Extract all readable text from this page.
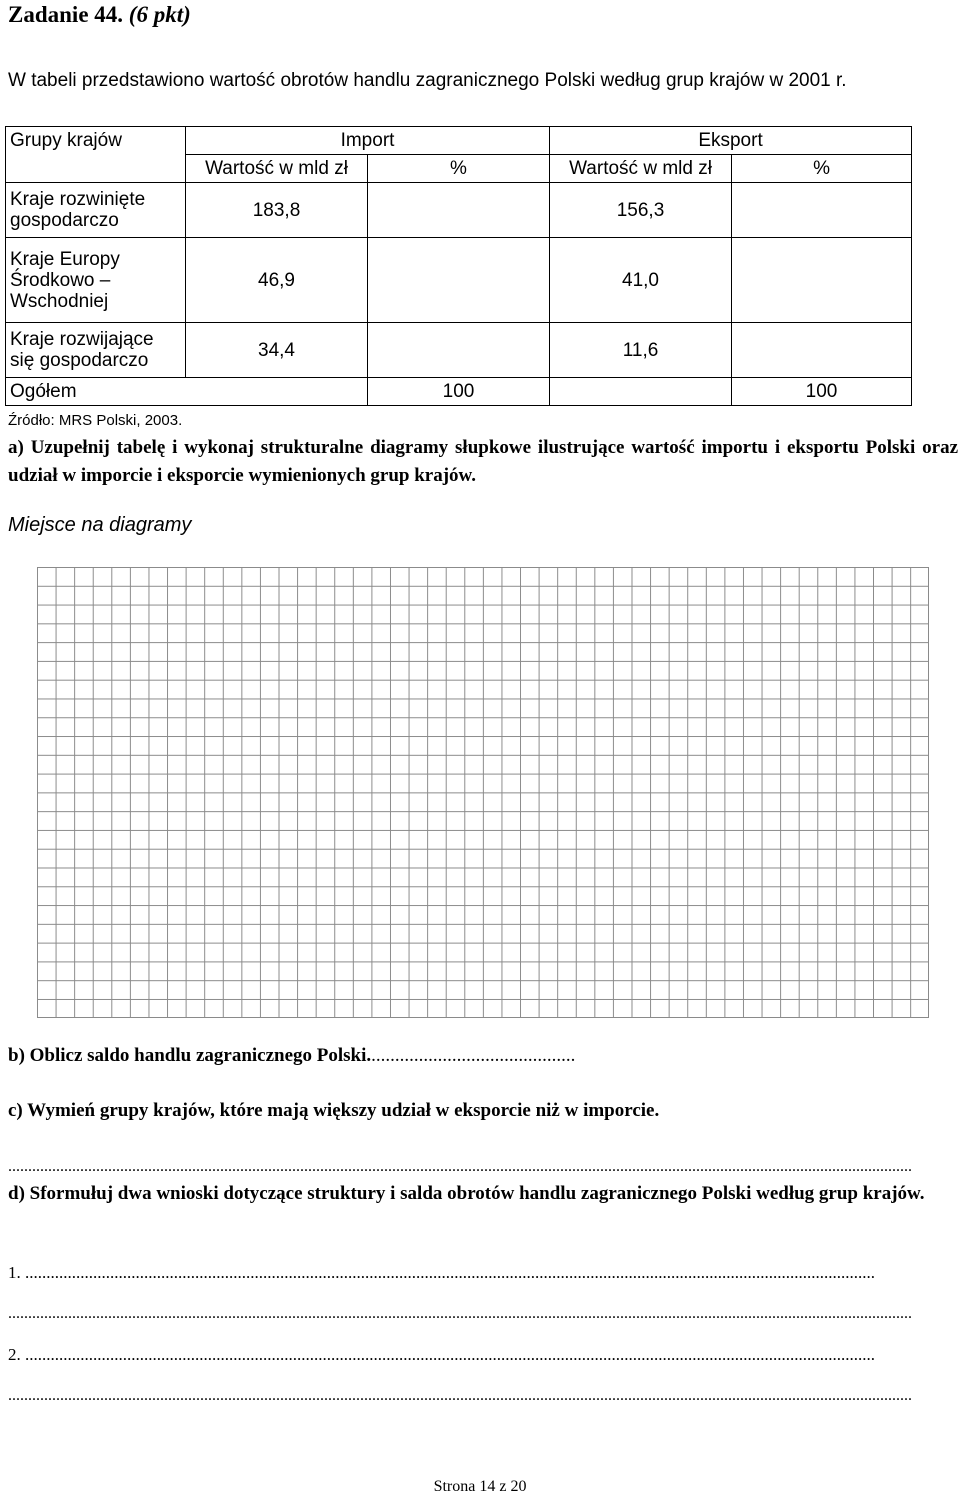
Zadanie 44. (6 pkt)
W tabeli przedstawiono wartość obrotów handlu zagranicznego Polski według grup krajów w 2001 r.
Grupy krajów	Import		Eksport	
	Wartość w mld zł	%	Wartość w mld zł	%
Kraje rozwinięte gospodarczo	183,8		156,3	
Kraje Europy Środkowo – Wschodniej	46,9		41,0	
Kraje rozwijające się gospodarczo	34,4		11,6	
Ogółem		100		100
Źródło: MRS Polski, 2003.
a) Uzupełnij tabelę i wykonaj strukturalne diagramy słupkowe ilustrujące wartość importu i eksportu Polski oraz udział w imporcie i eksporcie wymienionych grup krajów.
Miejsce na diagramy
b) Oblicz saldo handlu zagranicznego Polski............................................
c) Wymień grupy krajów, które mają większy udział w eksporcie niż w imporcie.
..................................................................................................................................................................................................................................
d) Sformułuj dwa wnioski dotyczące struktury i salda obrotów handlu zagranicznego Polski według grup krajów.
1. ........................................................................................................................................................................................................
..................................................................................................................................................................................................................................
2. ........................................................................................................................................................................................................
..................................................................................................................................................................................................................................
Strona 14 z 20
